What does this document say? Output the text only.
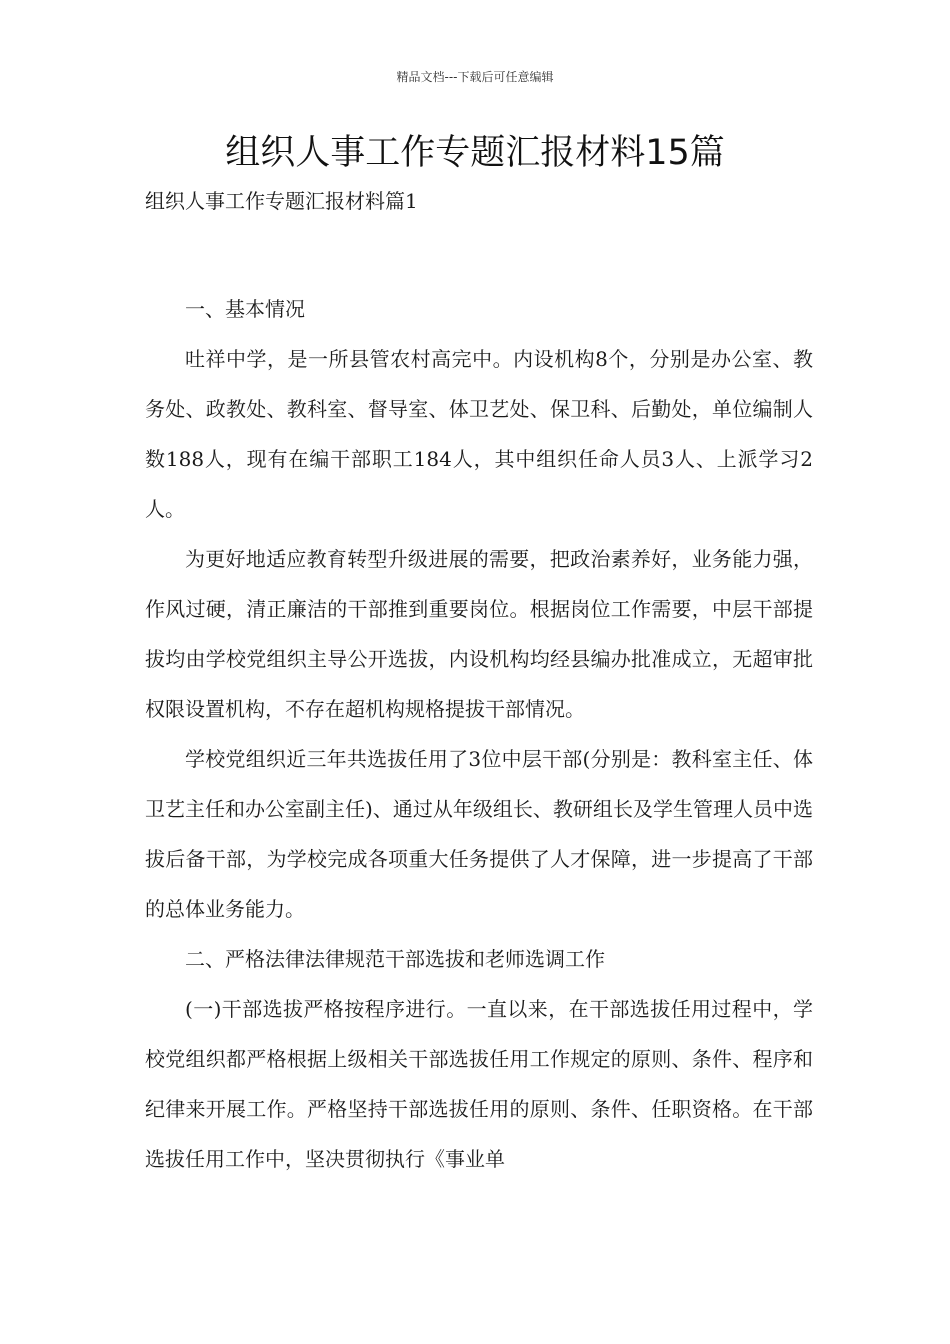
精品文档---下载后可任意编辑
组织人事工作专题汇报材料15篇
组织人事工作专题汇报材料篇1

一、基本情况

吐祥中学，是一所县管农村高完中。内设机构8个，分别是办公室、教务处、政教处、教科室、督导室、体卫艺处、保卫科、后勤处，单位编制人数188人，现有在编干部职工184人，其中组织任命人员3人、上派学习2人。

为更好地适应教育转型升级进展的需要，把政治素养好，业务能力强，作风过硬，清正廉洁的干部推到重要岗位。根据岗位工作需要，中层干部提拔均由学校党组织主导公开选拔，内设机构均经县编办批准成立，无超审批权限设置机构，不存在超机构规格提拔干部情况。

学校党组织近三年共选拔任用了3位中层干部(分别是：教科室主任、体卫艺主任和办公室副主任)、通过从年级组长、教研组长及学生管理人员中选拔后备干部，为学校完成各项重大任务提供了人才保障，进一步提高了干部的总体业务能力。

二、严格法律法律规范干部选拔和老师选调工作

(一)干部选拔严格按程序进行。一直以来，在干部选拔任用过程中，学校党组织都严格根据上级相关干部选拔任用工作规定的原则、条件、程序和纪律来开展工作。严格坚持干部选拔任用的原则、条件、任职资格。在干部选拔任用工作中，坚决贯彻执行《事业单
